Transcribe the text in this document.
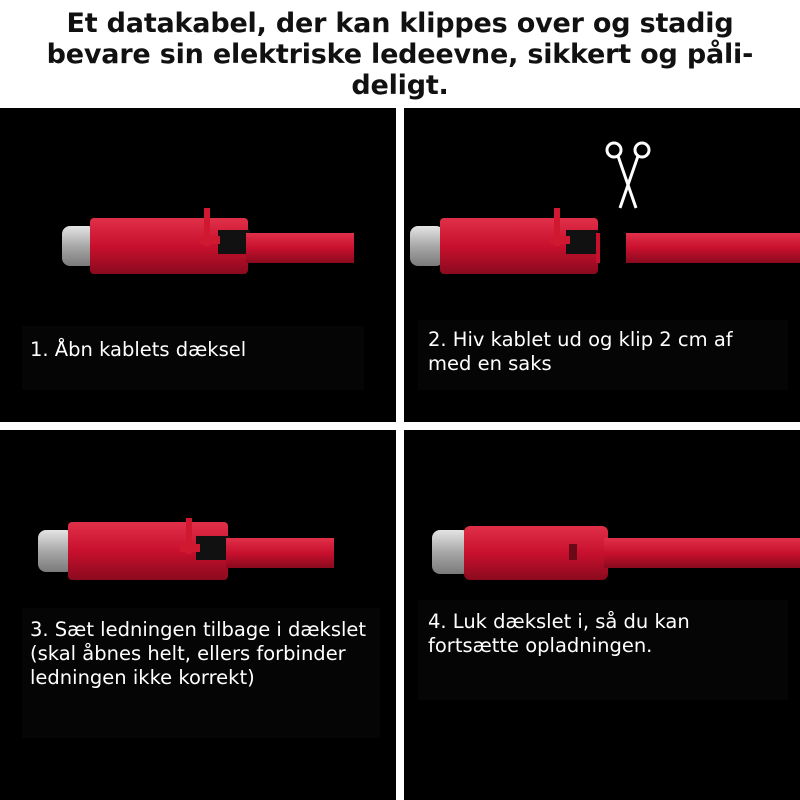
Et datakabel, der kan klippes over og stadig bevare sin elektriske ledeevne, sikkert og pålideligt.
1. Åbn kablets dæksel	2. Hiv kablet ud og klip 2 cm af med en saks
3. Sæt ledningen tilbage i dækslet (skal åbnes helt, ellers forbinder ledningen ikke korrekt)
4. Luk dækslet i, så du kan fortsætte opladningen.
